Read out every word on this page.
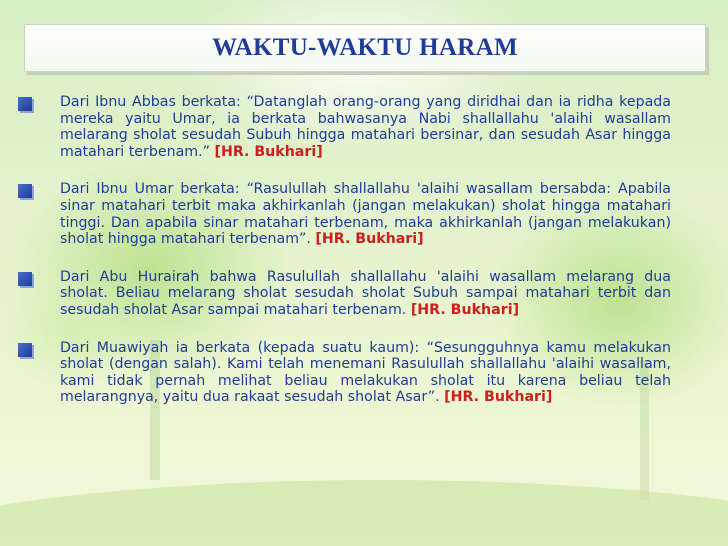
WAKTU-WAKTU HARAM

Dari Ibnu Abbas berkata: “Datanglah orang-orang yang diridhai dan ia ridha kepada mereka yaitu Umar, ia berkata bahwasanya Nabi shallallahu 'alaihi wasallam melarang sholat sesudah Subuh hingga matahari bersinar, dan sesudah Asar hingga matahari terbenam.” [HR. Bukhari]

Dari Ibnu Umar berkata: “Rasulullah shallallahu 'alaihi wasallam bersabda: Apabila sinar matahari terbit maka akhirkanlah (jangan melakukan) sholat hingga matahari tinggi. Dan apabila sinar matahari terbenam, maka akhirkanlah (jangan melakukan) sholat hingga matahari terbenam”. [HR. Bukhari]

Dari Abu Hurairah bahwa Rasulullah shallallahu 'alaihi wasallam melarang dua sholat. Beliau melarang sholat sesudah sholat Subuh sampai matahari terbit dan sesudah sholat Asar sampai matahari terbenam. [HR. Bukhari]

Dari Muawiyah ia berkata (kepada suatu kaum): “Sesungguhnya kamu melakukan sholat (dengan salah). Kami telah menemani Rasulullah shallallahu 'alaihi wasallam, kami tidak pernah melihat beliau melakukan sholat itu karena beliau telah melarangnya, yaitu dua rakaat sesudah sholat Asar”. [HR. Bukhari]
